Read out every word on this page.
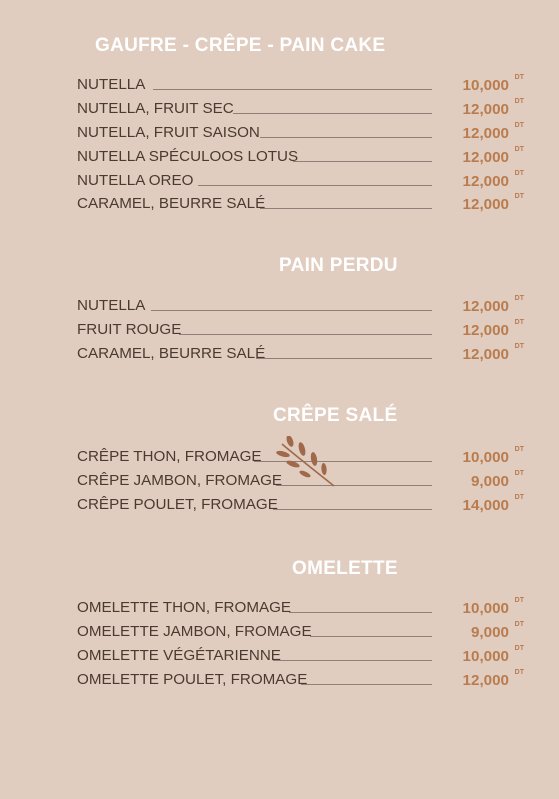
GAUFRE - CRÊPE - PAIN CAKE
NUTELLA	10,000 DT
NUTELLA, FRUIT SEC	12,000 DT
NUTELLA, FRUIT SAISON	12,000 DT
NUTELLA SPÉCULOOS LOTUS	12,000 DT
NUTELLA OREO	12,000 DT
CARAMEL, BEURRE SALÉ	12,000 DT
PAIN PERDU
NUTELLA	12,000 DT
FRUIT ROUGE	12,000 DT
CARAMEL, BEURRE SALÉ	12,000 DT
CRÊPE SALÉ
CRÊPE THON, FROMAGE	10,000 DT
CRÊPE JAMBON, FROMAGE	9,000 DT
CRÊPE POULET, FROMAGE	14,000 DT
OMELETTE
OMELETTE THON, FROMAGE	10,000 DT
OMELETTE JAMBON, FROMAGE	9,000 DT
OMELETTE VÉGÉTARIENNE	10,000 DT
OMELETTE POULET, FROMAGE	12,000 DT
